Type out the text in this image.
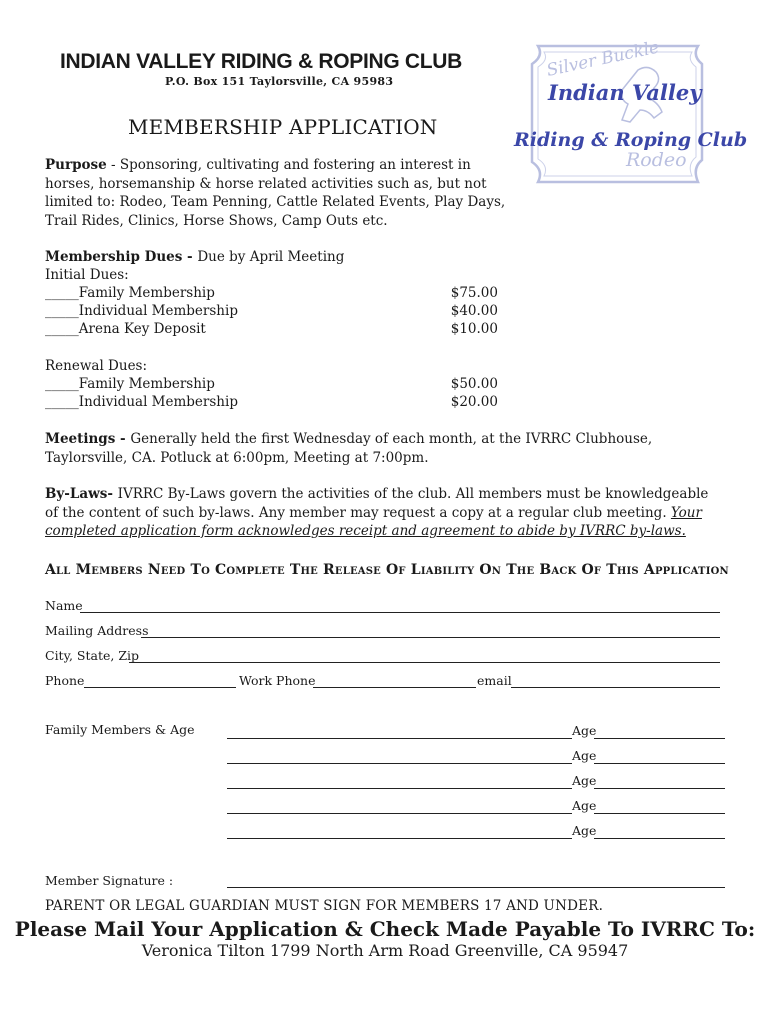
INDIAN VALLEY RIDING & ROPING CLUB
P.O. Box 151 Taylorsville, CA 95983
MEMBERSHIP APPLICATION
Silver Buckle
Indian Valley
Rodeo
Riding & Roping Club
Purpose - Sponsoring, cultivating and fostering an interest in horses, horsemanship & horse related activities such as, but not limited to: Rodeo, Team Penning, Cattle Related Events, Play Days, Trail Rides, Clinics, Horse Shows, Camp Outs etc.
Membership Dues - Due by April Meeting
Initial Dues:
_____Family Membership	$75.00
_____Individual Membership	$40.00
_____Arena Key Deposit	$10.00
Renewal Dues:
_____Family Membership	$50.00
_____Individual Membership	$20.00
Meetings - Generally held the first Wednesday of each month, at the IVRRC Clubhouse, Taylorsville, CA. Potluck at 6:00pm, Meeting at 7:00pm.
By-Laws- IVRRC By-Laws govern the activities of the club. All members must be knowledgeable of the content of such by-laws. Any member may request a copy at a regular club meeting. Your completed application form acknowledges receipt and agreement to abide by IVRRC by-laws.
All Members Need To Complete The Release Of Liability On The Back Of This Application
Name
Mailing Address
City, State, Zip
Phone	Work Phone	email
Family Members & Age	Age
Age
Age
Age
Age
Member Signature :
PARENT OR LEGAL GUARDIAN MUST SIGN FOR MEMBERS 17 AND UNDER.
Please Mail Your Application & Check Made Payable To IVRRC To:
Veronica Tilton 1799 North Arm Road Greenville, CA 95947
